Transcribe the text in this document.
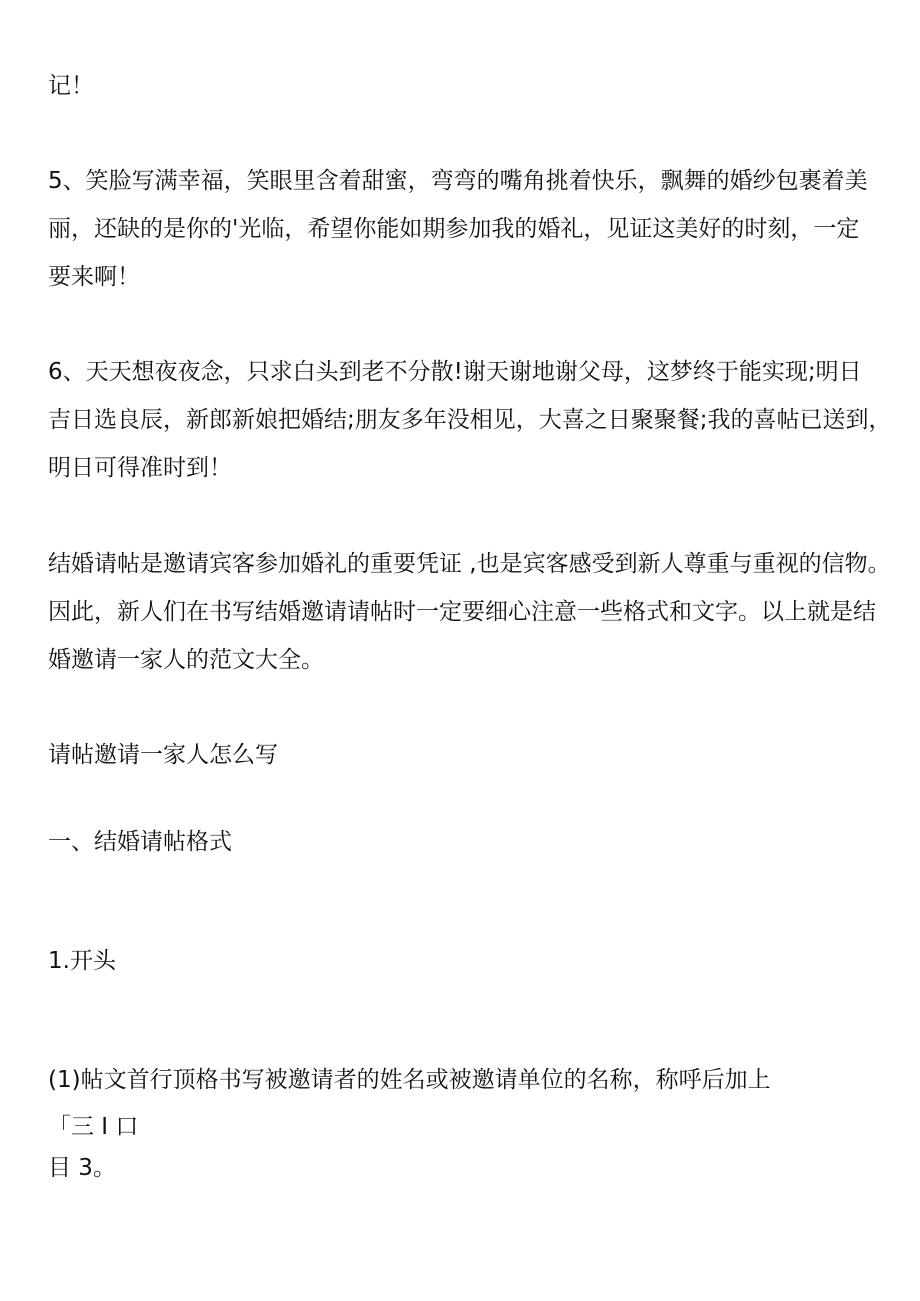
记！
5、笑脸写满幸福，笑眼里含着甜蜜，弯弯的嘴角挑着快乐，飘舞的婚纱包裹着美
丽，还缺的是你的'光临，希望你能如期参加我的婚礼，见证这美好的时刻，一定
要来啊！
6、天天想夜夜念，只求白头到老不分散!谢天谢地谢父母，这梦终于能实现;明日
吉日选良辰，新郎新娘把婚结;朋友多年没相见，大喜之日聚聚餐;我的喜帖已送到，
明日可得准时到！
结婚请帖是邀请宾客参加婚礼的重要凭证 ,也是宾客感受到新人尊重与重视的信物。
因此，新人们在书写结婚邀请请帖时一定要细心注意一些格式和文字。以上就是结
婚邀请一家人的范文大全。
请帖邀请一家人怎么写
一、结婚请帖格式
1.开头
(1)帖文首行顶格书写被邀请者的姓名或被邀请单位的名称，称呼后加上
「三 I 口
目 3。
